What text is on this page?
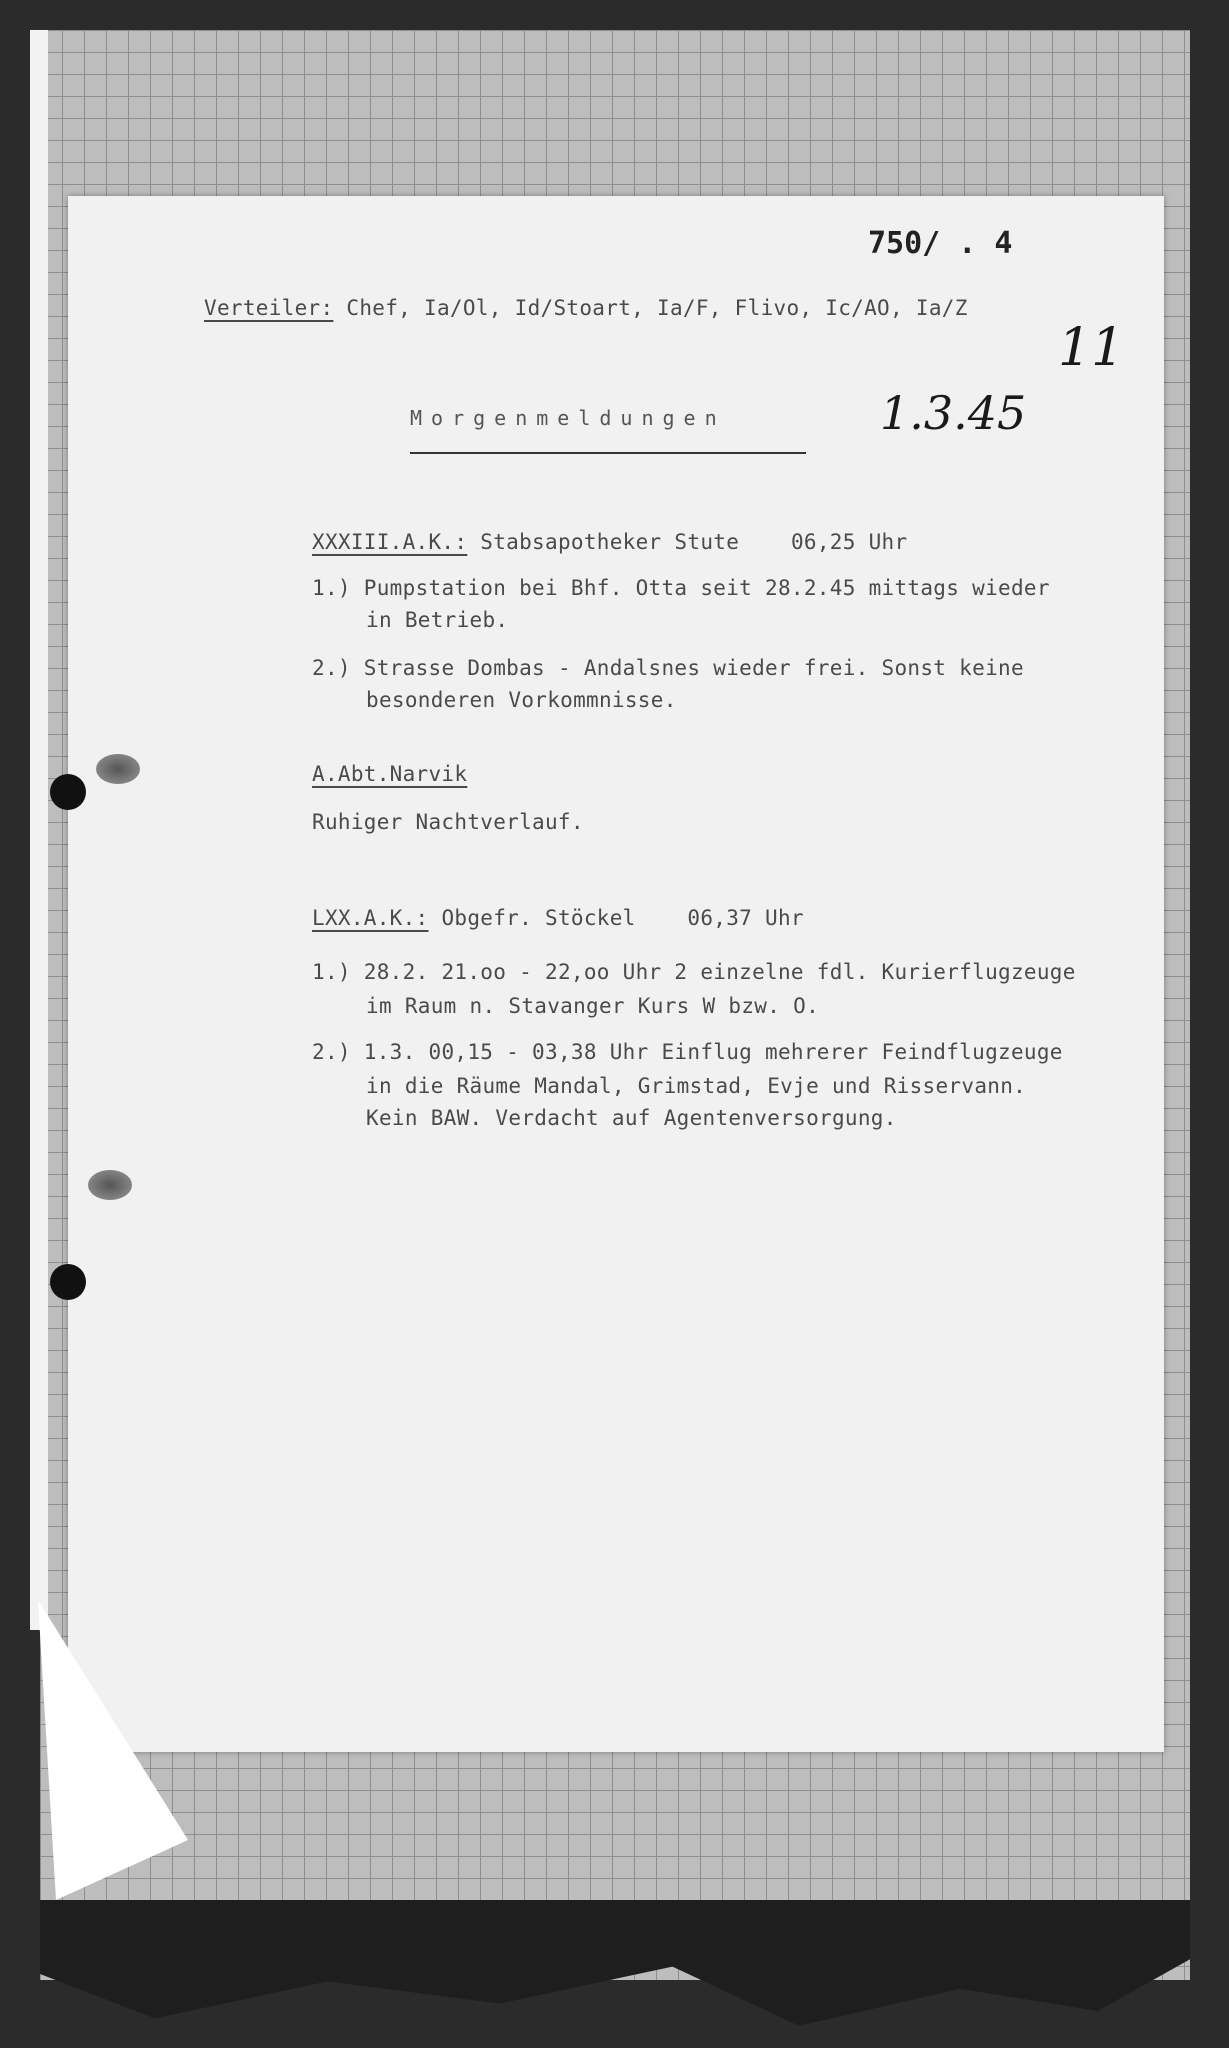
750/ . 4
Verteiler: Chef, Ia/Ol, Id/Stoart, Ia/F, Flivo, Ic/AO, Ia/Z
11
Morgenmeldungen	1.3.45
XXXIII.A.K.: Stabsapotheker Stute 06,25 Uhr
1.) Pumpstation bei Bhf. Otta seit 28.2.45 mittags wieder
in Betrieb.
2.) Strasse Dombas - Andalsnes wieder frei. Sonst keine
besonderen Vorkommnisse.
A.Abt.Narvik
Ruhiger Nachtverlauf.
LXX.A.K.: Obgefr. Stöckel 06,37 Uhr
1.) 28.2. 21.oo - 22,oo Uhr 2 einzelne fdl. Kurierflugzeuge
im Raum n. Stavanger Kurs W bzw. O.
2.) 1.3. 00,15 - 03,38 Uhr Einflug mehrerer Feindflugzeuge
in die Räume Mandal, Grimstad, Evje und Risservann.
Kein BAW. Verdacht auf Agentenversorgung.
